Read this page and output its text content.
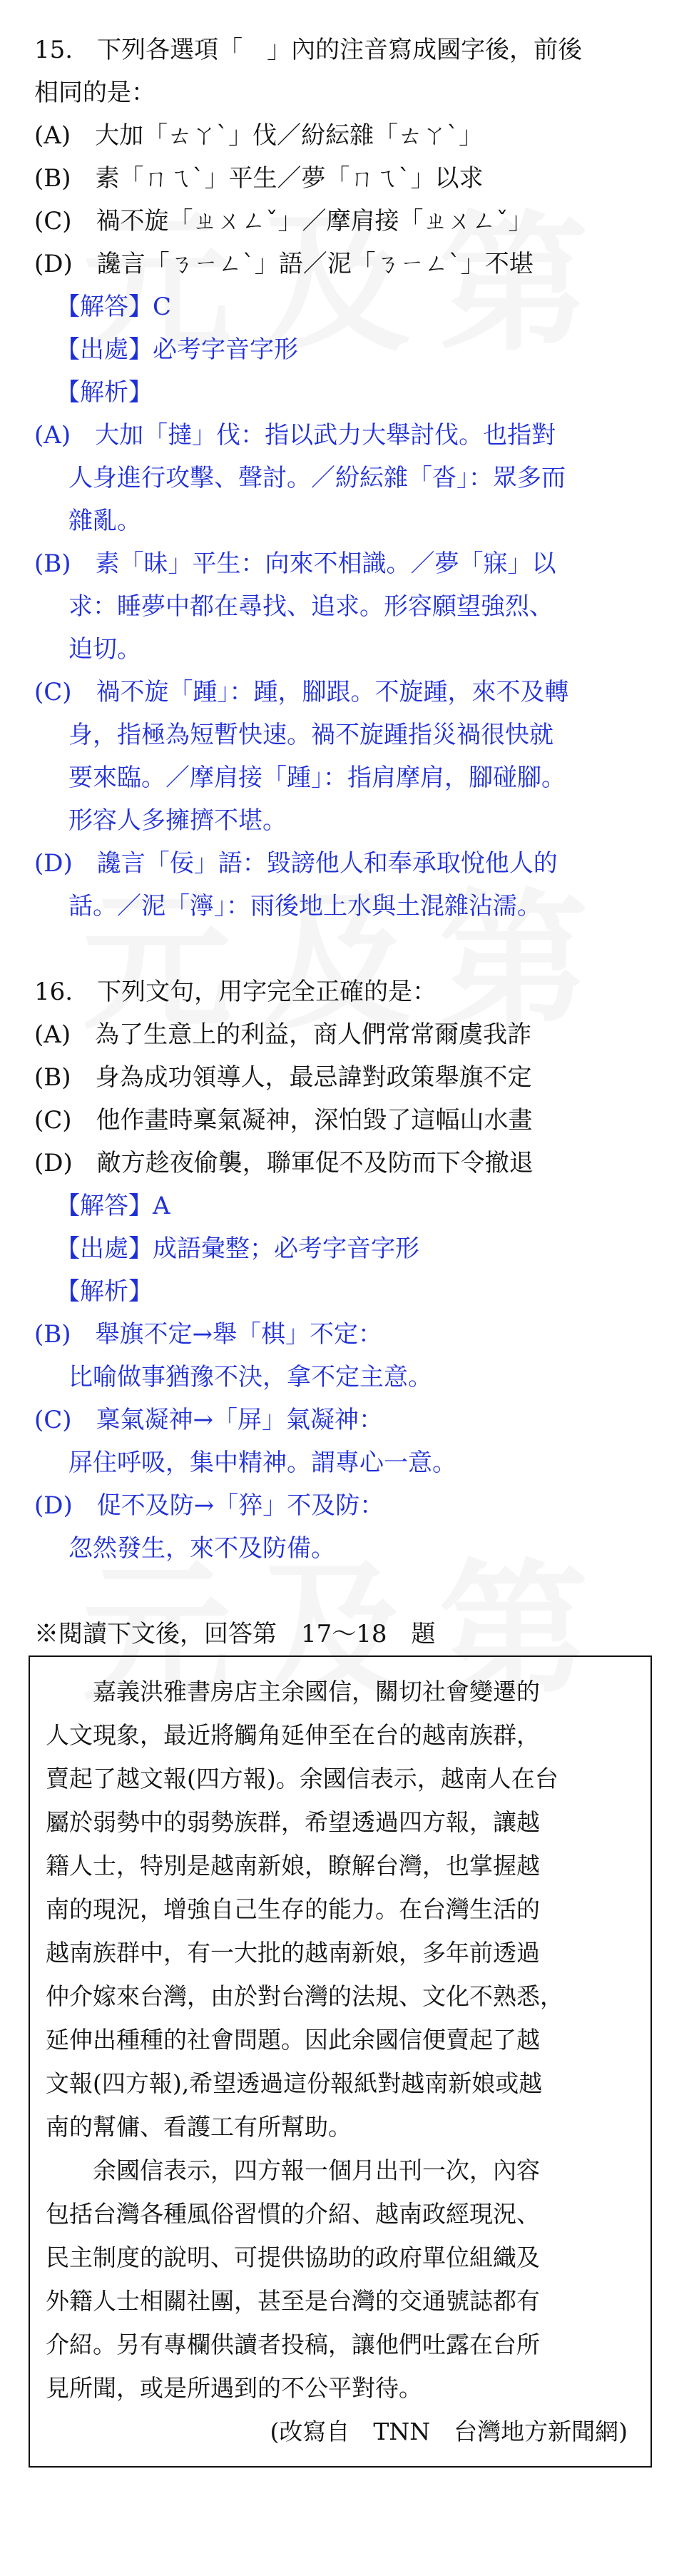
15.　下列各選項「　」內的注音寫成國字後，前後
相同的是：
(A)　大加「ㄊㄚˋ」伐／紛紜雜「ㄊㄚˋ」
(B)　素「ㄇㄟˋ」平生／夢「ㄇㄟˋ」以求
(C)　禍不旋「ㄓㄨㄥˇ」／摩肩接「ㄓㄨㄥˇ」
(D)　讒言「ㄋㄧㄥˋ」語／泥「ㄋㄧㄥˋ」不堪
【解答】C
【出處】必考字音字形
【解析】
(A)　大加「撻」伐：指以武力大舉討伐。也指對
人身進行攻擊、聲討。／紛紜雜「沓」：眾多而
雜亂。
(B)　素「昧」平生：向來不相識。／夢「寐」以
求：睡夢中都在尋找、追求。形容願望強烈、
迫切。
(C)　禍不旋「踵」：踵，腳跟。不旋踵，來不及轉
身，指極為短暫快速。禍不旋踵指災禍很快就
要來臨。／摩肩接「踵」：指肩摩肩，腳碰腳。
形容人多擁擠不堪。
(D)　讒言「佞」語：毀謗他人和奉承取悅他人的
話。／泥「濘」：雨後地上水與土混雜沾濡。
16.　下列文句，用字完全正確的是：
(A)　為了生意上的利益，商人們常常爾虞我詐
(B)　身為成功領導人，最忌諱對政策舉旗不定
(C)　他作畫時稟氣凝神，深怕毀了這幅山水畫
(D)　敵方趁夜偷襲，聯軍促不及防而下令撤退
【解答】A
【出處】成語彙整；必考字音字形
【解析】
(B)　舉旗不定→舉「棋」不定：
比喻做事猶豫不決，拿不定主意。
(C)　稟氣凝神→「屏」氣凝神：
屏住呼吸，集中精神。謂專心一意。
(D)　促不及防→「猝」不及防：
忽然發生，來不及防備。
※閱讀下文後，回答第　17～18　題
嘉義洪雅書房店主余國信，關切社會變遷的
人文現象，最近將觸角延伸至在台的越南族群，
賣起了越文報(四方報)。余國信表示，越南人在台
屬於弱勢中的弱勢族群，希望透過四方報，讓越
籍人士，特別是越南新娘，瞭解台灣，也掌握越
南的現況，增強自己生存的能力。在台灣生活的
越南族群中，有一大批的越南新娘，多年前透過
仲介嫁來台灣，由於對台灣的法規、文化不熟悉，
延伸出種種的社會問題。因此余國信便賣起了越
文報(四方報),希望透過這份報紙對越南新娘或越
南的幫傭、看護工有所幫助。
余國信表示，四方報一個月出刊一次，內容
包括台灣各種風俗習慣的介紹、越南政經現況、
民主制度的說明、可提供協助的政府單位組織及
外籍人士相關社團，甚至是台灣的交通號誌都有
介紹。另有專欄供讀者投稿，讓他們吐露在台所
見所聞，或是所遇到的不公平對待。
(改寫自　TNN　台灣地方新聞網)
